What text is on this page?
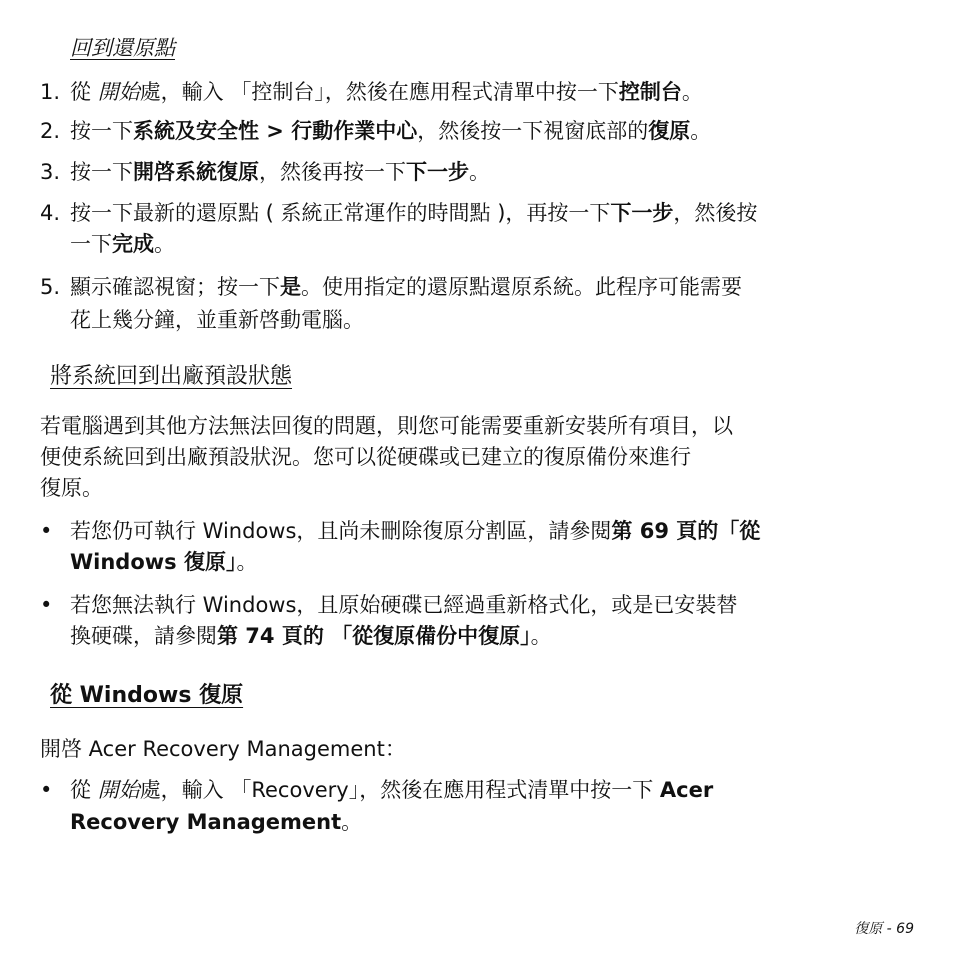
回到還原點
1. 從 開始處，輸入 「控制台」，然後在應用程式清單中按一下控制台。
2. 按一下系統及安全性 > 行動作業中心，然後按一下視窗底部的復原。
3. 按一下開啓系統復原，然後再按一下下一步。
4. 按一下最新的還原點 ( 系統正常運作的時間點 )，再按一下下一步，然後按
一下完成。
5. 顯示確認視窗；按一下是。使用指定的還原點還原系統。此程序可能需要
花上幾分鐘，並重新啓動電腦。
將系統回到出廠預設狀態
若電腦遇到其他方法無法回復的問題，則您可能需要重新安裝所有項目，以
便使系統回到出廠預設狀況。您可以從硬碟或已建立的復原備份來進行
復原。
• 若您仍可執行 Windows，且尚未刪除復原分割區，請參閱第 69 頁的「從
Windows 復原」。
• 若您無法執行 Windows，且原始硬碟已經過重新格式化，或是已安裝替
換硬碟，請參閱第 74 頁的 「從復原備份中復原」。
從 Windows 復原
開啓 Acer Recovery Management：
• 從 開始處，輸入 「Recovery」，然後在應用程式清單中按一下 Acer
Recovery Management。
復原 - 69
